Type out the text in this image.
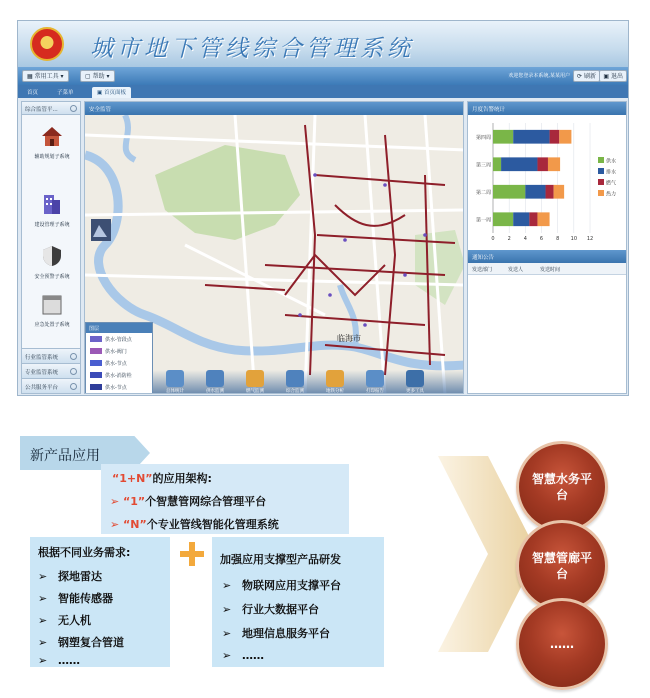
城市地下管线综合管理系统
▦ 常用工具 ▾	▢ 帮助 ▾	欢迎您登录本系统,某某用户	⟳ 刷新	▣ 退出
首页	子菜单	▣ 首页面板
综合监管平...
辅助规划子系统
建设管理子系统
安全预警子系统
应急处置子系统
行业监管系统
专业监管系统
公共服务平台
安全监管
临海市
图层
供水-管段点
供水-阀门
供水-节点
供水-消防栓
供水-节点
总体统计	供水监测	燃气监测	综合监测	地铁分析	打印报告	更多工具
月度告警统计
0	2	4	6	8 10 12
第四周
第三周
第二周
第一周
供水
排水
燃气
热力
通知公告
发送部门	发送人	发送时间
新产品应用
“1+N”的应用架构:
➢ “1”个智慧管网综合管理平台
➢ “N”个专业管线智能化管理系统
根据不同业务需求:
➢ 探地雷达
➢ 智能传感器
➢ 无人机
➢ 钢塑复合管道
➢ ……
加强应用支撑型产品研发
➢ 物联网应用支撑平台
➢ 行业大数据平台
➢ 地理信息服务平台
➢ ……
智慧水务平台
智慧管廊平台
……
